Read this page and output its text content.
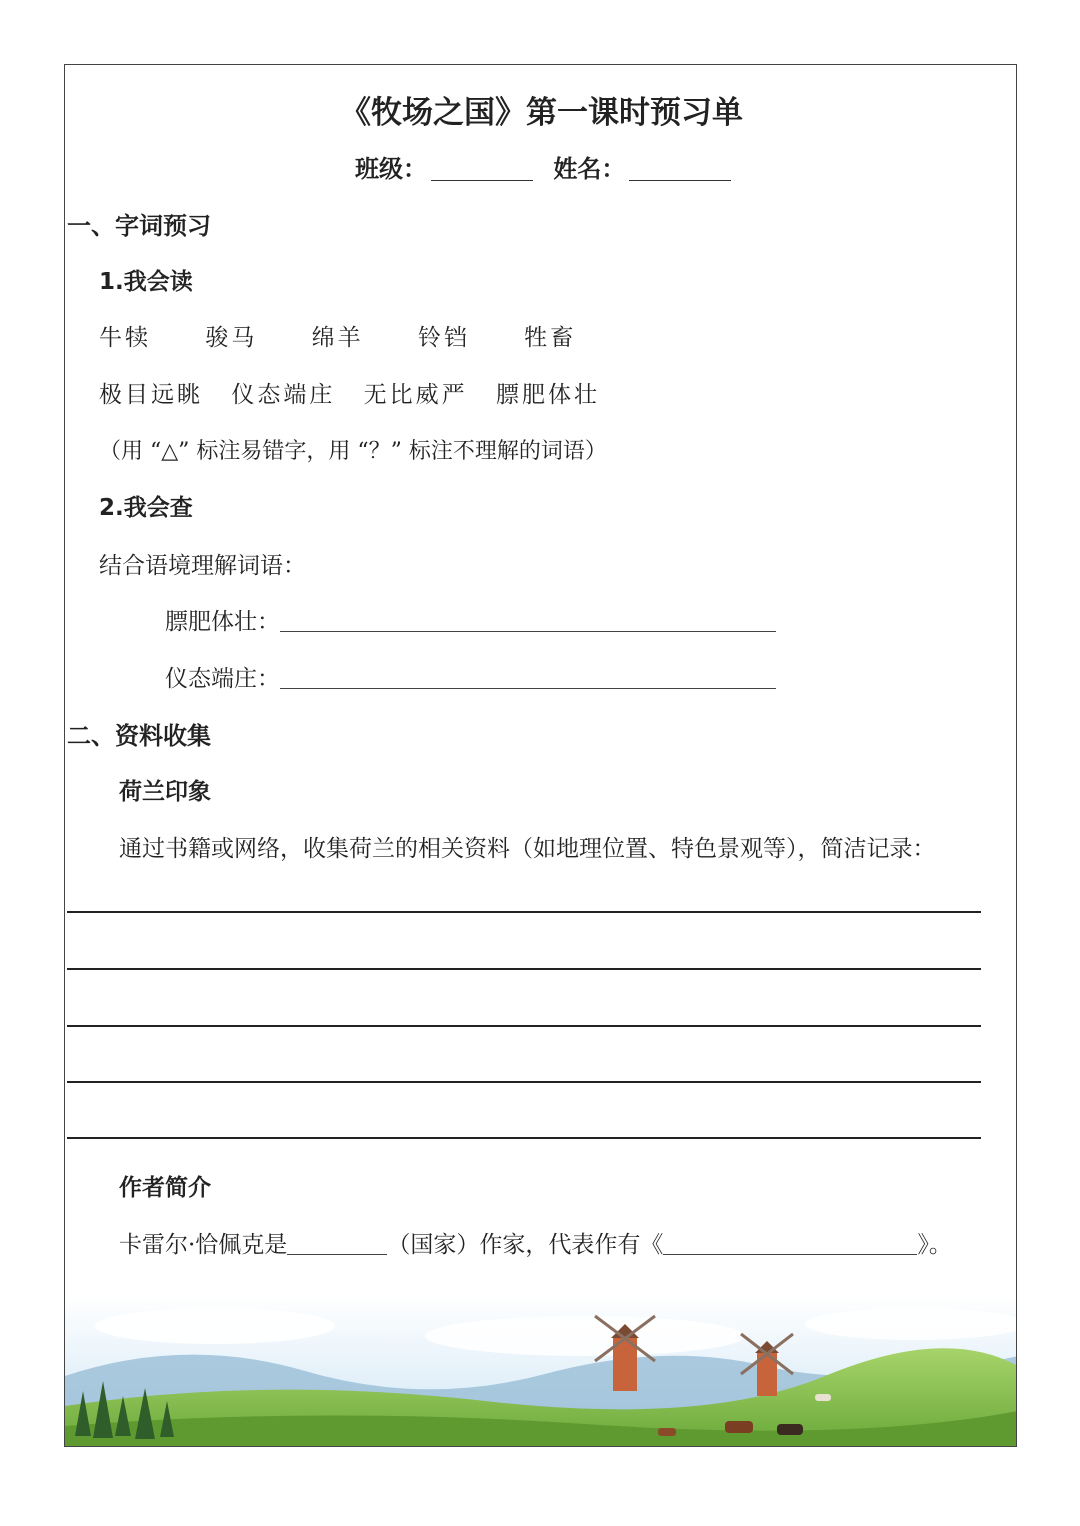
《牧场之国》第一课时预习单
班级：	姓名：
一、字词预习
1.我会读
牛犊 骏马 绵羊 铃铛 牲畜
极目远眺 仪态端庄 无比威严 膘肥体壮
（用 “△” 标注易错字，用 “？” 标注不理解的词语）
2.我会查
结合语境理解词语：
膘肥体壮：
仪态端庄：
二、资料收集
荷兰印象
通过书籍或网络，收集荷兰的相关资料（如地理位置、特色景观等），简洁记录：
作者简介
卡雷尔·恰佩克是	（国家）作家，代表作有《	》。
